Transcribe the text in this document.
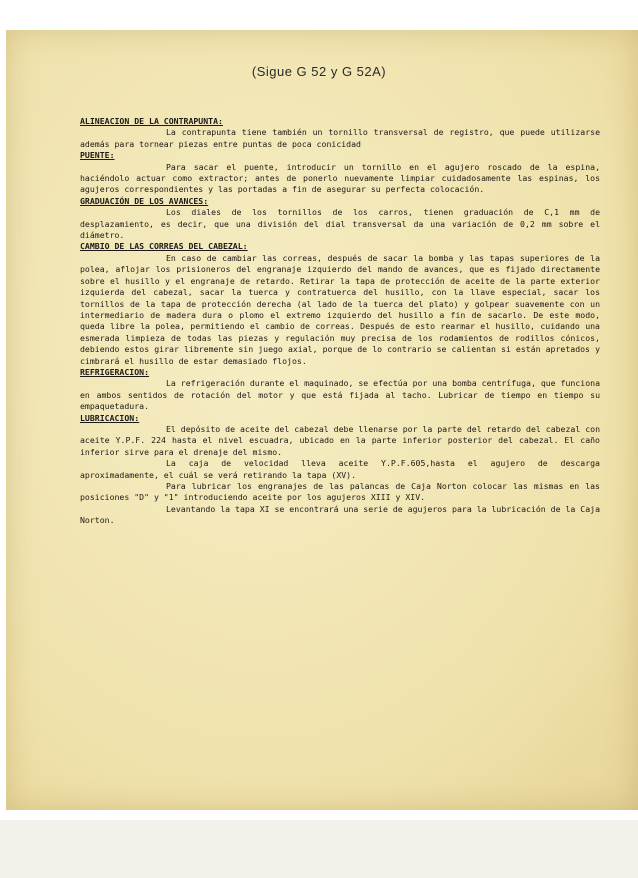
(Sigue G 52 y G 52A)
ALINEACION DE LA CONTRAPUNTA:

La contrapunta tiene también un tornillo transversal de registro, que puede utilizarse además para tornear piezas entre puntas de poca conicidad

PUENTE:

Para sacar el puente, introducir un tornillo en el agujero roscado de la espina, haciéndolo actuar como extractor; antes de ponerlo nuevamente limpiar cuidadosamente las espinas, los agujeros correspondientes y las portadas a fin de asegurar su perfecta colocación.

GRADUACIÓN DE LOS AVANCES:

Los diales de los tornillos de los carros, tienen graduación de C,1 mm de desplazamiento, es decir, que una división del dial transversal da una variación de 0,2 mm sobre el diámetro.

CAMBIO DE LAS CORREAS DEL CABEZAL:

En caso de cambiar las correas, después de sacar la bomba y las tapas superiores de la polea, aflojar los prisioneros del engranaje izquierdo del mando de avances, que es fijado directamente sobre el husillo y el engranaje de retardo. Retirar la tapa de protección de aceite de la parte exterior izquierda del cabezal, sacar la tuerca y contratuerca del husillo, con la llave especial, sacar los tornillos de la tapa de protección derecha (al lado de la tuerca del plato) y golpear suavemente con un intermediario de madera dura o plomo el extremo izquierdo del husillo a fin de sacarlo. De este modo, queda libre la polea, permitiendo el cambio de correas. Después de esto rearmar el husillo, cuidando una esmerada limpieza de todas las piezas y regulación muy precisa de los rodamientos de rodillos cónicos, debiendo estos girar libremente sin juego axial, porque de lo contrario se calientan si están apretados y cimbrará el husillo de estar demasiado flojos.

REFRIGERACION:

La refrigeración durante el maquinado, se efectúa por una bomba centrífuga, que funciona en ambos sentidos de rotación del motor y que está fijada al tacho. Lubricar de tiempo en tiempo su empaquetadura.

LUBRICACION:

El depósito de aceite del cabezal debe llenarse por la parte del retardo del cabezal con aceite Y.P.F. 224 hasta el nivel escuadra, ubicado en la parte inferior posterior del cabezal. El caño inferior sirve para el drenaje del mismo.

La caja de velocidad lleva aceite Y.P.F.605,hasta el agujero de descarga aproximadamente, el cuál se verá retirando la tapa (XV).

Para lubricar los engranajes de las palancas de Caja Norton colocar las mismas en las posiciones "D" y "1" introduciendo aceite por los agujeros XIII y XIV.

Levantando la tapa XI se encontrará una serie de agujeros para la lubricación de la Caja Norton.
